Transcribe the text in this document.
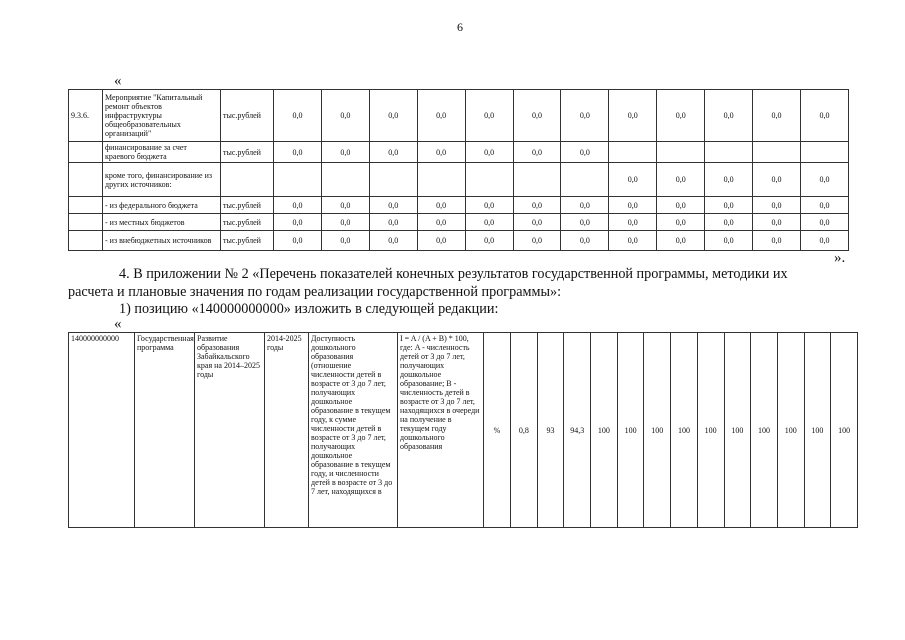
6
«
9.3.6.	Мероприятие "Капитальный ремонт объектов инфраструктуры общеобразовательных организаций"	тыс.рублей	0,0	0,0	0,0	0,0	0,0	0,0	0,0	0,0	0,0	0,0	0,0	0,0
	финансирование за счет краевого бюджета	тыс.рублей	0,0	0,0	0,0	0,0	0,0	0,0	0,0					
	кроме того, финансирование из других источников:									0,0	0,0	0,0	0,0	0,0
	- из федерального бюджета	тыс.рублей	0,0	0,0	0,0	0,0	0,0	0,0	0,0	0,0	0,0	0,0	0,0	0,0
	- из местных бюджетов	тыс.рублей	0,0	0,0	0,0	0,0	0,0	0,0	0,0	0,0	0,0	0,0	0,0	0,0
	- из внебюджетных источников	тыс.рублей	0,0	0,0	0,0	0,0	0,0	0,0	0,0	0,0	0,0	0,0	0,0	0,0
».
4. В приложении № 2 «Перечень показателей конечных результатов государственной программы, методики их
расчета и плановые значения по годам реализации государственной программы»:
1) позицию «140000000000» изложить в следующей редакции:
«
140000000000	Государственная программа	Развитие образования Забайкальского края на 2014–2025 годы	2014-2025 годы	Доступность дошкольного образования (отношение численности детей в возрасте от 3 до 7 лет, получающих дошкольное образование в текущем году, к сумме численности детей в возрасте от 3 до 7 лет, получающих дошкольное образование в текущем году, и численности детей в возрасте от 3 до 7 лет, находящихся в	I = A / (A + B) * 100, где: A - численность детей от 3 до 7 лет, получающих дошкольное образование; B - численность детей в возрасте от 3 до 7 лет, находящихся в очереди на получение в текущем году дошкольного образования	%	0,8	93	94,3	100	100	100	100	100	100	100	100	100	100
